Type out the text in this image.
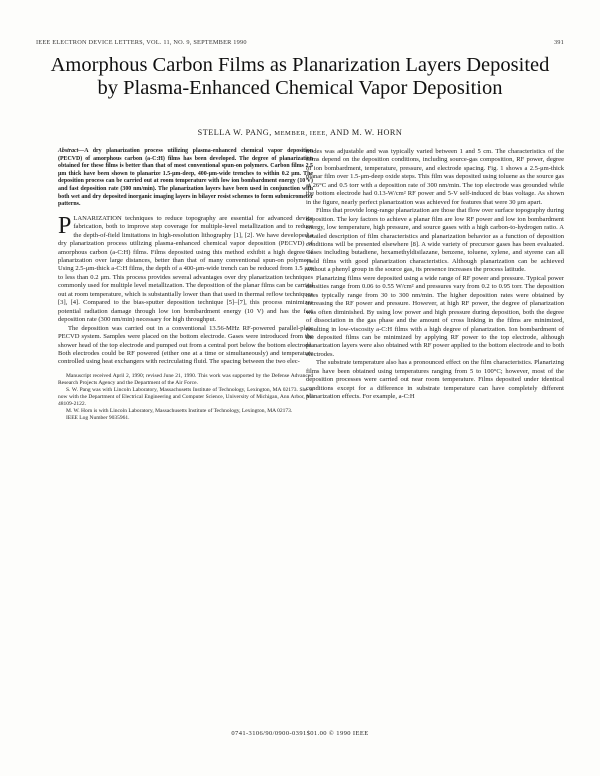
IEEE ELECTRON DEVICE LETTERS, VOL. 11, NO. 9, SEPTEMBER 1990	391
Amorphous Carbon Films as Planarization Layers Deposited by Plasma-Enhanced Chemical Vapor Deposition
STELLA W. PANG, MEMBER, IEEE, AND M. W. HORN
Abstract—A dry planarization process utilizing plasma-enhanced chemical vapor deposition (PECVD) of amorphous carbon (a-C:H) films has been developed. The degree of planarization obtained for these films is better than that of most conventional spun-on polymers. Carbon films 2.5 μm thick have been shown to planarize 1.5-μm-deep, 400-μm-wide trenches to within 0.2 μm. The deposition process can be carried out at room temperature with low ion bombardment energy (10 V) and fast deposition rate (300 nm/min). The planarization layers have been used in conjunction with both wet and dry deposited inorganic imaging layers in bilayer resist schemes to form submicrometer patterns.

PLANARIZATION techniques to reduce topography are essential for advanced device fabrication, both to improve step coverage for multiple-level metallization and to reduce the depth-of-field limitations in high-resolution lithography [1], [2]. We have developed a dry planarization process utilizing plasma-enhanced chemical vapor deposition (PECVD) of amorphous carbon (a-C:H) films. Films deposited using this method exhibit a high degree of planarization over large distances, better than that of many conventional spun-on polymers. Using 2.5-μm-thick a-C:H films, the depth of a 400-μm-wide trench can be reduced from 1.5 μm to less than 0.2 μm. This process provides several advantages over dry planarization techniques commonly used for multiple level metallization. The deposition of the planar films can be carried out at room temperature, which is substantially lower than that used in thermal reflow techniques [3], [4]. Compared to the bias-sputter deposition technique [5]–[7], this process minimizes potential radiation damage through low ion bombardment energy (10 V) and has the fast deposition rate (300 nm/min) necessary for high throughput.

The deposition was carried out in a conventional 13.56-MHz RF-powered parallel-plate PECVD system. Samples were placed on the bottom electrode. Gases were introduced from the shower head of the top electrode and pumped out from a central port below the bottom electrode. Both electrodes could be RF powered (either one at a time or simultaneously) and temperature controlled using heat exchangers with recirculating fluid. The spacing between the two elec-

Manuscript received April 2, 1990; revised June 21, 1990. This work was supported by the Defense Advanced Research Projects Agency and the Department of the Air Force.

S. W. Pang was with Lincoln Laboratory, Massachusetts Institute of Technology, Lexington, MA 02173. She is now with the Department of Electrical Engineering and Computer Science, University of Michigan, Ann Arbor, MI 48109-2122.

M. W. Horn is with Lincoln Laboratory, Massachusetts Institute of Technology, Lexington, MA 02173.

IEEE Log Number 9035961.

trodes was adjustable and was typically varied between 1 and 5 cm. The characteristics of the films depend on the deposition conditions, including source-gas composition, RF power, degree of ion bombardment, temperature, pressure, and electrode spacing. Fig. 1 shows a 2.5-μm-thick planar film over 1.5-μm-deep oxide steps. This film was deposited using toluene as the source gas at 26°C and 0.5 torr with a deposition rate of 300 nm/min. The top electrode was grounded while the bottom electrode had 0.13-W/cm² RF power and 5-V self-induced dc bias voltage. As shown in the figure, nearly perfect planarization was achieved for features that were 30 μm apart.

Films that provide long-range planarization are those that flow over surface topography during deposition. The key factors to achieve a planar film are low RF power and low ion bombardment energy, low temperature, high pressure, and source gases with a high carbon-to-hydrogen ratio. A detailed description of film characteristics and planarization behavior as a function of deposition conditions will be presented elsewhere [8]. A wide variety of precursor gases has been evaluated. Gases including butadiene, hexamethyldisilazane, benzene, toluene, xylene, and styrene can all yield films with good planarization characteristics. Although planarization can be achieved without a phenyl group in the source gas, its presence increases the process latitude.

Planarizing films were deposited using a wide range of RF power and pressure. Typical power densities range from 0.06 to 0.55 W/cm² and pressures vary from 0.2 to 0.95 torr. The deposition rates typically range from 30 to 300 nm/min. The higher deposition rates were obtained by increasing the RF power and pressure. However, at high RF power, the degree of planarization was often diminished. By using low power and high pressure during deposition, both the degree of dissociation in the gas phase and the amount of cross linking in the films are minimized, resulting in low-viscosity a-C:H films with a high degree of planarization. Ion bombardment of the deposited films can be minimized by applying RF power to the top electrode, although planarization layers were also obtained with RF power applied to the bottom electrode and to both electrodes.

The substrate temperature also has a pronounced effect on the film characteristics. Planarizing films have been obtained using temperatures ranging from 5 to 100°C; however, most of the deposition processes were carried out near room temperature. Films deposited under identical conditions except for a difference in substrate temperature can have completely different planarization effects. For example, a-C:H

0741-3106/90/0900-0391$01.00 © 1990 IEEE
